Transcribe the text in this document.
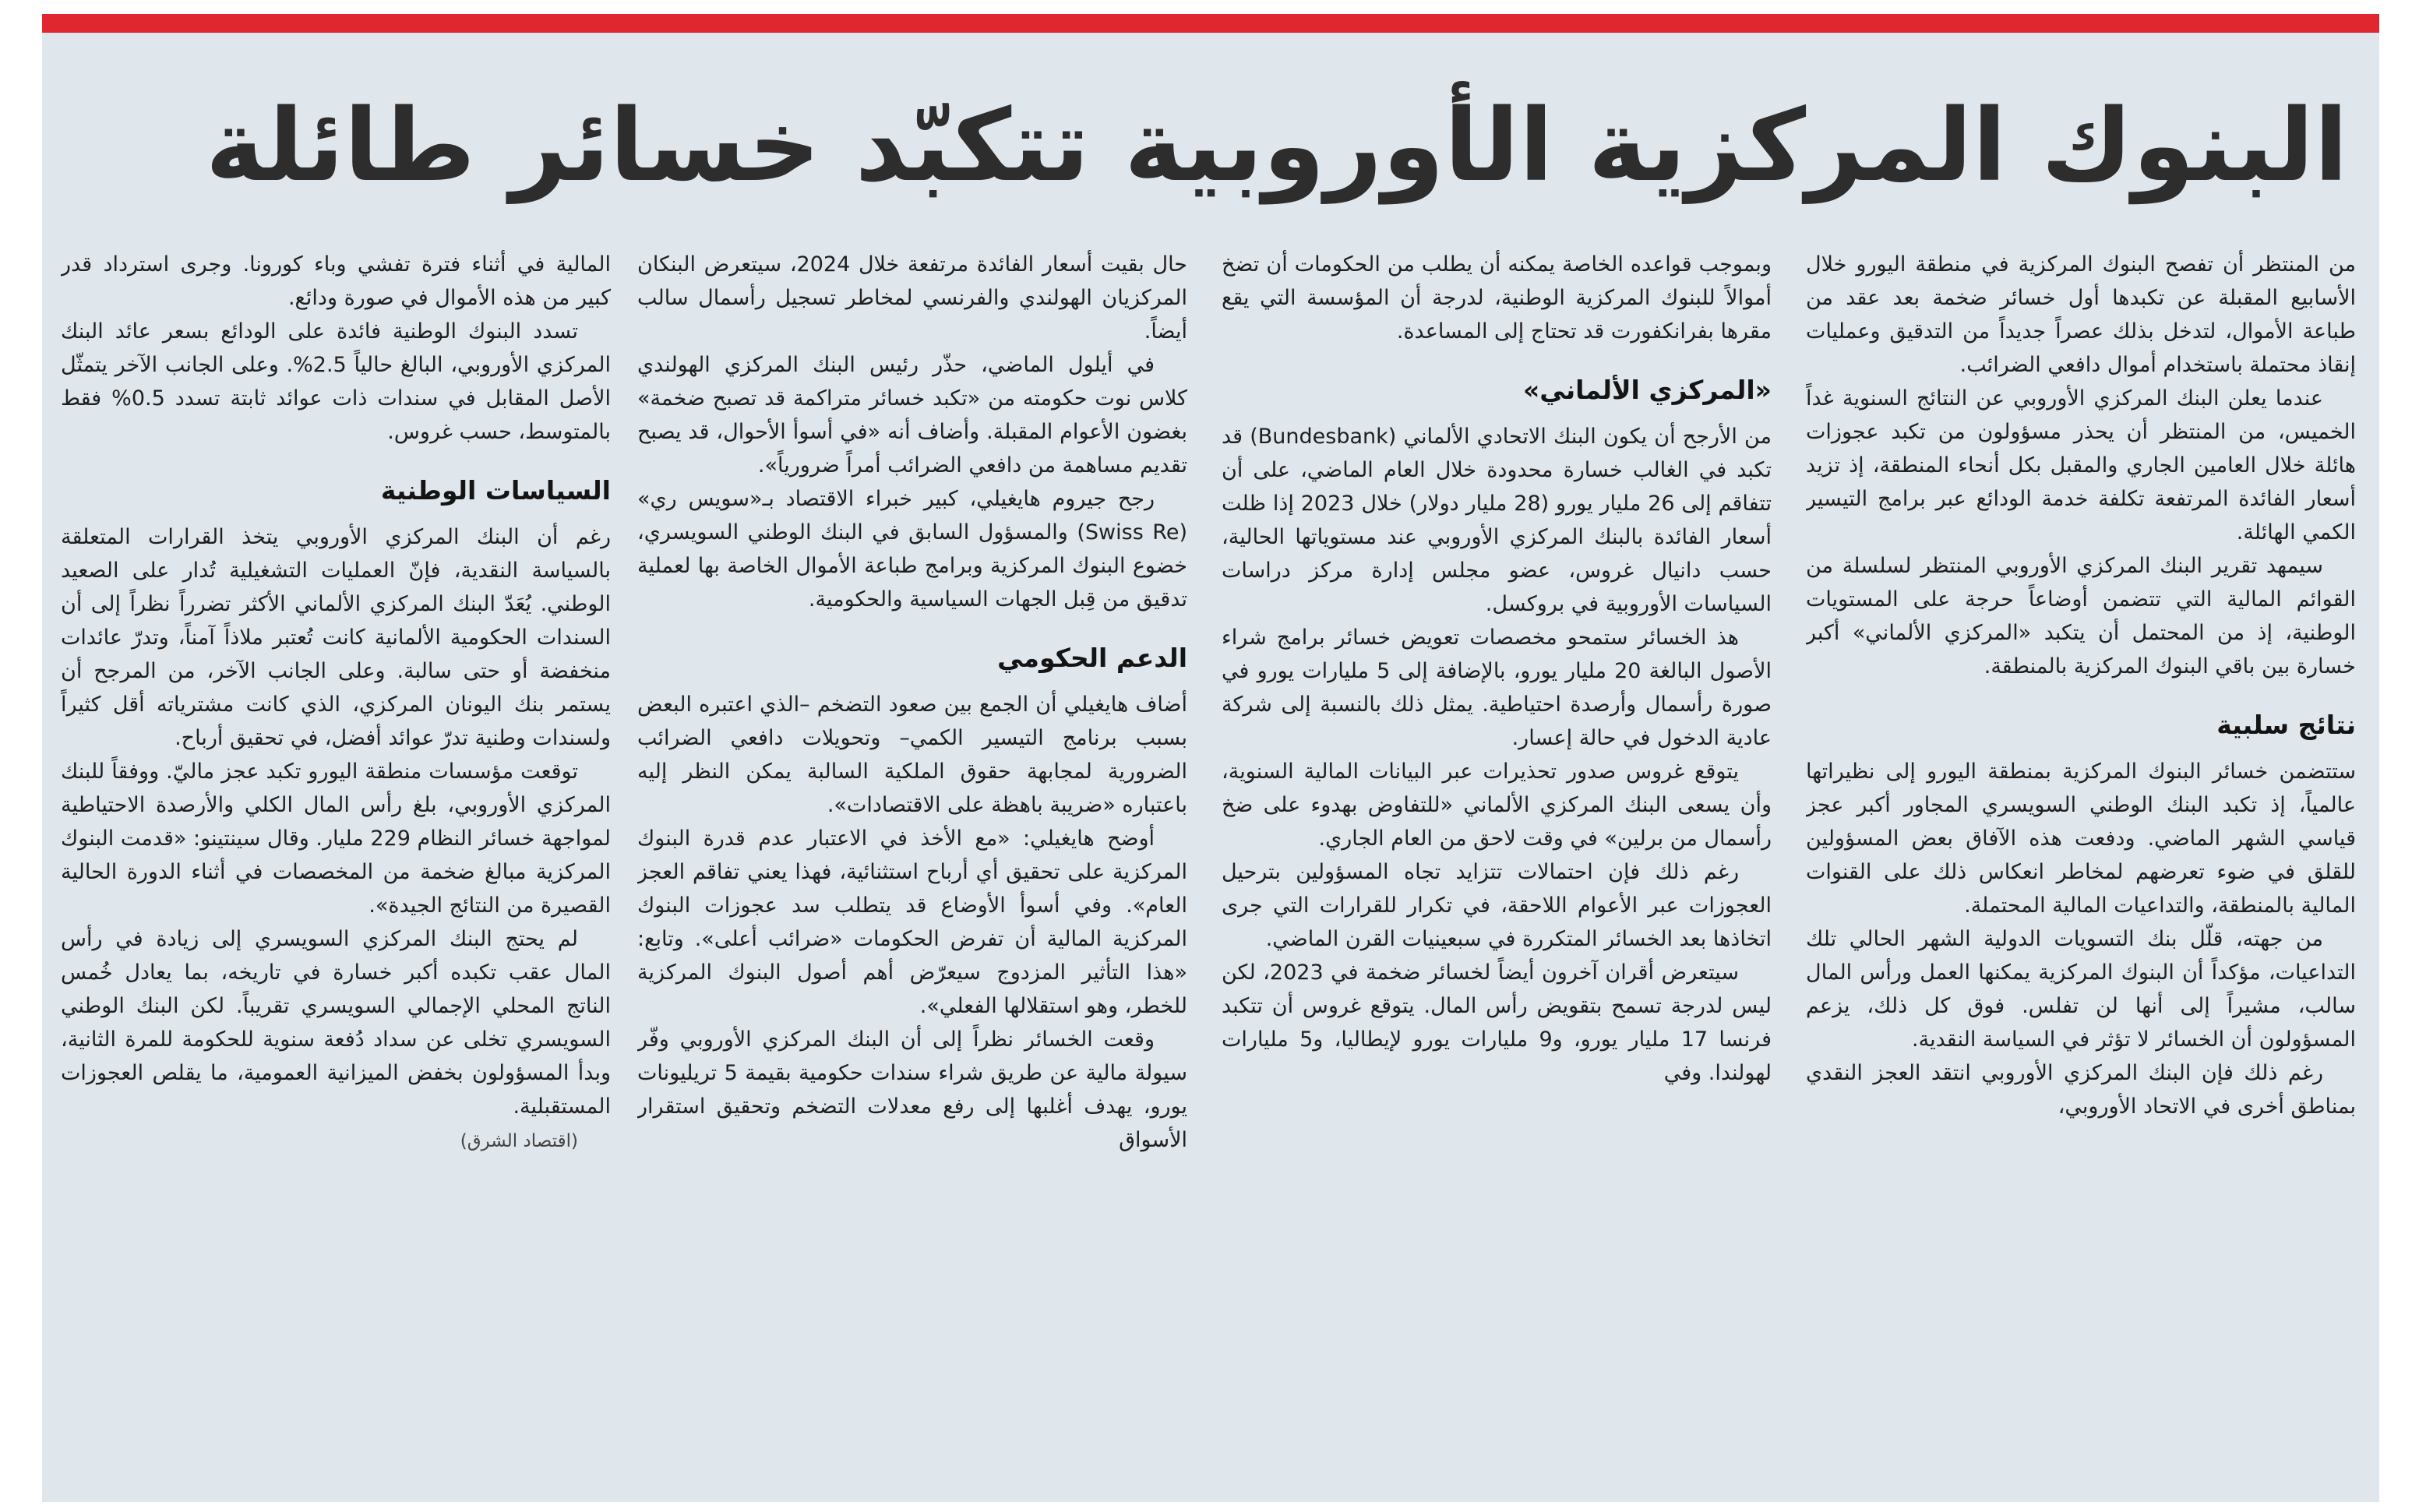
البنوك المركزية الأوروبية تتكبّد خسائر طائلة

من المنتظر أن تفصح البنوك المركزية في منطقة اليورو خلال الأسابيع المقبلة عن تكبدها أول خسائر ضخمة بعد عقد من طباعة الأموال، لتدخل بذلك عصراً جديداً من التدقيق وعمليات إنقاذ محتملة باستخدام أموال دافعي الضرائب.

عندما يعلن البنك المركزي الأوروبي عن النتائج السنوية غداً الخميس، من المنتظر أن يحذر مسؤولون من تكبد عجوزات هائلة خلال العامين الجاري والمقبل بكل أنحاء المنطقة، إذ تزيد أسعار الفائدة المرتفعة تكلفة خدمة الودائع عبر برامج التيسير الكمي الهائلة.

سيمهد تقرير البنك المركزي الأوروبي المنتظر لسلسلة من القوائم المالية التي تتضمن أوضاعاً حرجة على المستويات الوطنية، إذ من المحتمل أن يتكبد «المركزي الألماني» أكبر خسارة بين باقي البنوك المركزية بالمنطقة.

نتائج سلبية

ستتضمن خسائر البنوك المركزية بمنطقة اليورو إلى نظيراتها عالمياً، إذ تكبد البنك الوطني السويسري المجاور أكبر عجز قياسي الشهر الماضي. ودفعت هذه الآفاق بعض المسؤولين للقلق في ضوء تعرضهم لمخاطر انعكاس ذلك على القنوات المالية بالمنطقة، والتداعيات المالية المحتملة.

من جهته، قلّل بنك التسويات الدولية الشهر الحالي تلك التداعيات، مؤكداً أن البنوك المركزية يمكنها العمل ورأس المال سالب، مشيراً إلى أنها لن تفلس. فوق كل ذلك، يزعم المسؤولون أن الخسائر لا تؤثر في السياسة النقدية.

رغم ذلك فإن البنك المركزي الأوروبي انتقد العجز النقدي بمناطق أخرى في الاتحاد الأوروبي،

وبموجب قواعده الخاصة يمكنه أن يطلب من الحكومات أن تضخ أموالاً للبنوك المركزية الوطنية، لدرجة أن المؤسسة التي يقع مقرها بفرانكفورت قد تحتاج إلى المساعدة.

«المركزي الألماني»

من الأرجح أن يكون البنك الاتحادي الألماني (Bundesbank) قد تكبد في الغالب خسارة محدودة خلال العام الماضي، على أن تتفاقم إلى 26 مليار يورو (28 مليار دولار) خلال 2023 إذا ظلت أسعار الفائدة بالبنك المركزي الأوروبي عند مستوياتها الحالية، حسب دانيال غروس، عضو مجلس إدارة مركز دراسات السياسات الأوروبية في بروكسل.

هذ الخسائر ستمحو مخصصات تعويض خسائر برامج شراء الأصول البالغة 20 مليار يورو، بالإضافة إلى 5 مليارات يورو في صورة رأسمال وأرصدة احتياطية. يمثل ذلك بالنسبة إلى شركة عادية الدخول في حالة إعسار.

يتوقع غروس صدور تحذيرات عبر البيانات المالية السنوية، وأن يسعى البنك المركزي الألماني «للتفاوض بهدوء على ضخ رأسمال من برلين» في وقت لاحق من العام الجاري.

رغم ذلك فإن احتمالات تتزايد تجاه المسؤولين بترحيل العجوزات عبر الأعوام اللاحقة، في تكرار للقرارات التي جرى اتخاذها بعد الخسائر المتكررة في سبعينيات القرن الماضي.

سيتعرض أقران آخرون أيضاً لخسائر ضخمة في 2023، لكن ليس لدرجة تسمح بتقويض رأس المال. يتوقع غروس أن تتكبد فرنسا 17 مليار يورو، و9 مليارات يورو لإيطاليا، و5 مليارات لهولندا. وفي

حال بقيت أسعار الفائدة مرتفعة خلال 2024، سيتعرض البنكان المركزيان الهولندي والفرنسي لمخاطر تسجيل رأسمال سالب أيضاً.

في أيلول الماضي، حذّر رئيس البنك المركزي الهولندي كلاس نوت حكومته من «تكبد خسائر متراكمة قد تصبح ضخمة» بغضون الأعوام المقبلة. وأضاف أنه «في أسوأ الأحوال، قد يصبح تقديم مساهمة من دافعي الضرائب أمراً ضرورياً».

رجح جيروم هايغيلي، كبير خبراء الاقتصاد بـ«سويس ري» (Swiss Re) والمسؤول السابق في البنك الوطني السويسري، خضوع البنوك المركزية وبرامج طباعة الأموال الخاصة بها لعملية تدقيق من قِبل الجهات السياسية والحكومية.

الدعم الحكومي

أضاف هايغيلي أن الجمع بين صعود التضخم –الذي اعتبره البعض بسبب برنامج التيسير الكمي– وتحويلات دافعي الضرائب الضرورية لمجابهة حقوق الملكية السالبة يمكن النظر إليه باعتباره «ضريبة باهظة على الاقتصادات».

أوضح هايغيلي: «مع الأخذ في الاعتبار عدم قدرة البنوك المركزية على تحقيق أي أرباح استثنائية، فهذا يعني تفاقم العجز العام». وفي أسوأ الأوضاع قد يتطلب سد عجوزات البنوك المركزية المالية أن تفرض الحكومات «ضرائب أعلى». وتابع: «هذا التأثير المزدوج سيعرّض أهم أصول البنوك المركزية للخطر، وهو استقلالها الفعلي».

وقعت الخسائر نظراً إلى أن البنك المركزي الأوروبي وفّر سيولة مالية عن طريق شراء سندات حكومية بقيمة 5 تريليونات يورو، يهدف أغلبها إلى رفع معدلات التضخم وتحقيق استقرار الأسواق

المالية في أثناء فترة تفشي وباء كورونا. وجرى استرداد قدر كبير من هذه الأموال في صورة ودائع.

تسدد البنوك الوطنية فائدة على الودائع بسعر عائد البنك المركزي الأوروبي، البالغ حالياً 2.5%. وعلى الجانب الآخر يتمثّل الأصل المقابل في سندات ذات عوائد ثابتة تسدد 0.5% فقط بالمتوسط، حسب غروس.

السياسات الوطنية

رغم أن البنك المركزي الأوروبي يتخذ القرارات المتعلقة بالسياسة النقدية، فإنّ العمليات التشغيلية تُدار على الصعيد الوطني. يُعَدّ البنك المركزي الألماني الأكثر تضرراً نظراً إلى أن السندات الحكومية الألمانية كانت تُعتبر ملاذاً آمناً، وتدرّ عائدات منخفضة أو حتى سالبة. وعلى الجانب الآخر، من المرجح أن يستمر بنك اليونان المركزي، الذي كانت مشترياته أقل كثيراً ولسندات وطنية تدرّ عوائد أفضل، في تحقيق أرباح.

توقعت مؤسسات منطقة اليورو تكبد عجز ماليّ. ووفقاً للبنك المركزي الأوروبي، بلغ رأس المال الكلي والأرصدة الاحتياطية لمواجهة خسائر النظام 229 مليار. وقال سينتينو: «قدمت البنوك المركزية مبالغ ضخمة من المخصصات في أثناء الدورة الحالية القصيرة من النتائج الجيدة».

لم يحتج البنك المركزي السويسري إلى زيادة في رأس المال عقب تكبده أكبر خسارة في تاريخه، بما يعادل خُمس الناتج المحلي الإجمالي السويسري تقريباً. لكن البنك الوطني السويسري تخلى عن سداد دُفعة سنوية للحكومة للمرة الثانية، وبدأ المسؤولون بخفض الميزانية العمومية، ما يقلص العجوزات المستقبلية.

(اقتصاد الشرق)
